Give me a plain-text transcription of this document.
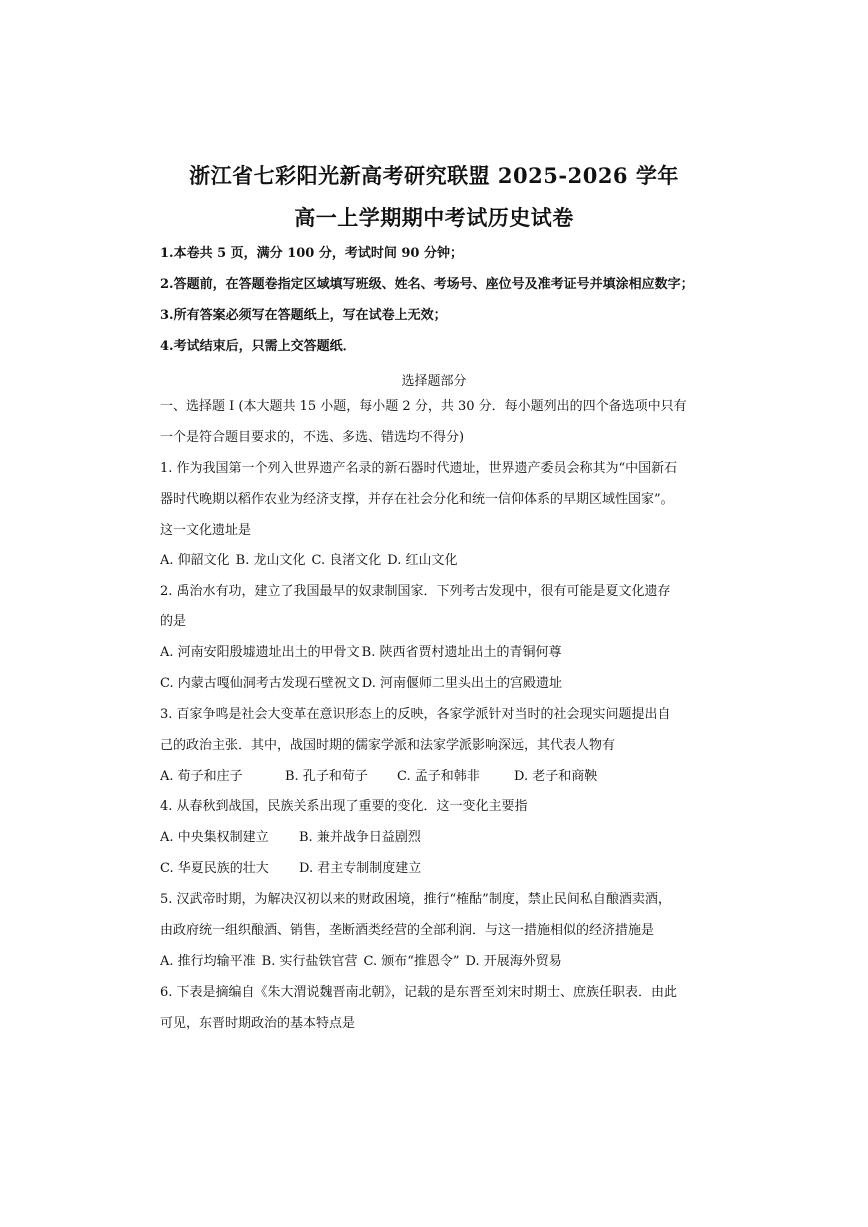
浙江省七彩阳光新高考研究联盟 2025-2026 学年
高一上学期期中考试历史试卷
1.本卷共 5 页，满分 100 分，考试时间 90 分钟；
2.答题前，在答题卷指定区域填写班级、姓名、考场号、座位号及准考证号并填涂相应数字；
3.所有答案必须写在答题纸上，写在试卷上无效；
4.考试结束后，只需上交答题纸．
选择题部分
一、选择题 I (本大题共 15 小题，每小题 2 分，共 30 分．每小题列出的四个备选项中只有
一个是符合题目要求的，不选、多选、错选均不得分)
1. 作为我国第一个列入世界遗产名录的新石器时代遗址，世界遗产委员会称其为“中国新石
器时代晚期以稻作农业为经济支撑，并存在社会分化和统一信仰体系的早期区域性国家”。
这一文化遗址是
A. 仰韶文化 B. 龙山文化 C. 良渚文化 D. 红山文化
2. 禹治水有功，建立了我国最早的奴隶制国家．下列考古发现中，很有可能是夏文化遗存
的是
A. 河南安阳殷墟遗址出土的甲骨文 B. 陕西省贾村遗址出土的青铜何尊
C. 内蒙古嘎仙洞考古发现石壁祝文 D. 河南偃师二里头出土的宫殿遗址
3. 百家争鸣是社会大变革在意识形态上的反映，各家学派针对当时的社会现实问题提出自
己的政治主张．其中，战国时期的儒家学派和法家学派影响深远，其代表人物有
A. 荀子和庄子	B. 孔子和荀子 C. 孟子和韩非	D. 老子和商鞅
4. 从春秋到战国，民族关系出现了重要的变化．这一变化主要指
A. 中央集权制建立 B. 兼并战争日益剧烈
C. 华夏民族的壮大 D. 君主专制制度建立
5. 汉武帝时期，为解决汉初以来的财政困境，推行“榷酤”制度，禁止民间私自酿酒卖酒，
由政府统一组织酿酒、销售，垄断酒类经营的全部利润．与这一措施相似的经济措施是
A. 推行均输平准 B. 实行盐铁官营 C. 颁布“推恩令” D. 开展海外贸易
6. 下表是摘编自《朱大渭说魏晋南北朝》，记载的是东晋至刘宋时期士、庶族任职表．由此
可见，东晋时期政治的基本特点是
